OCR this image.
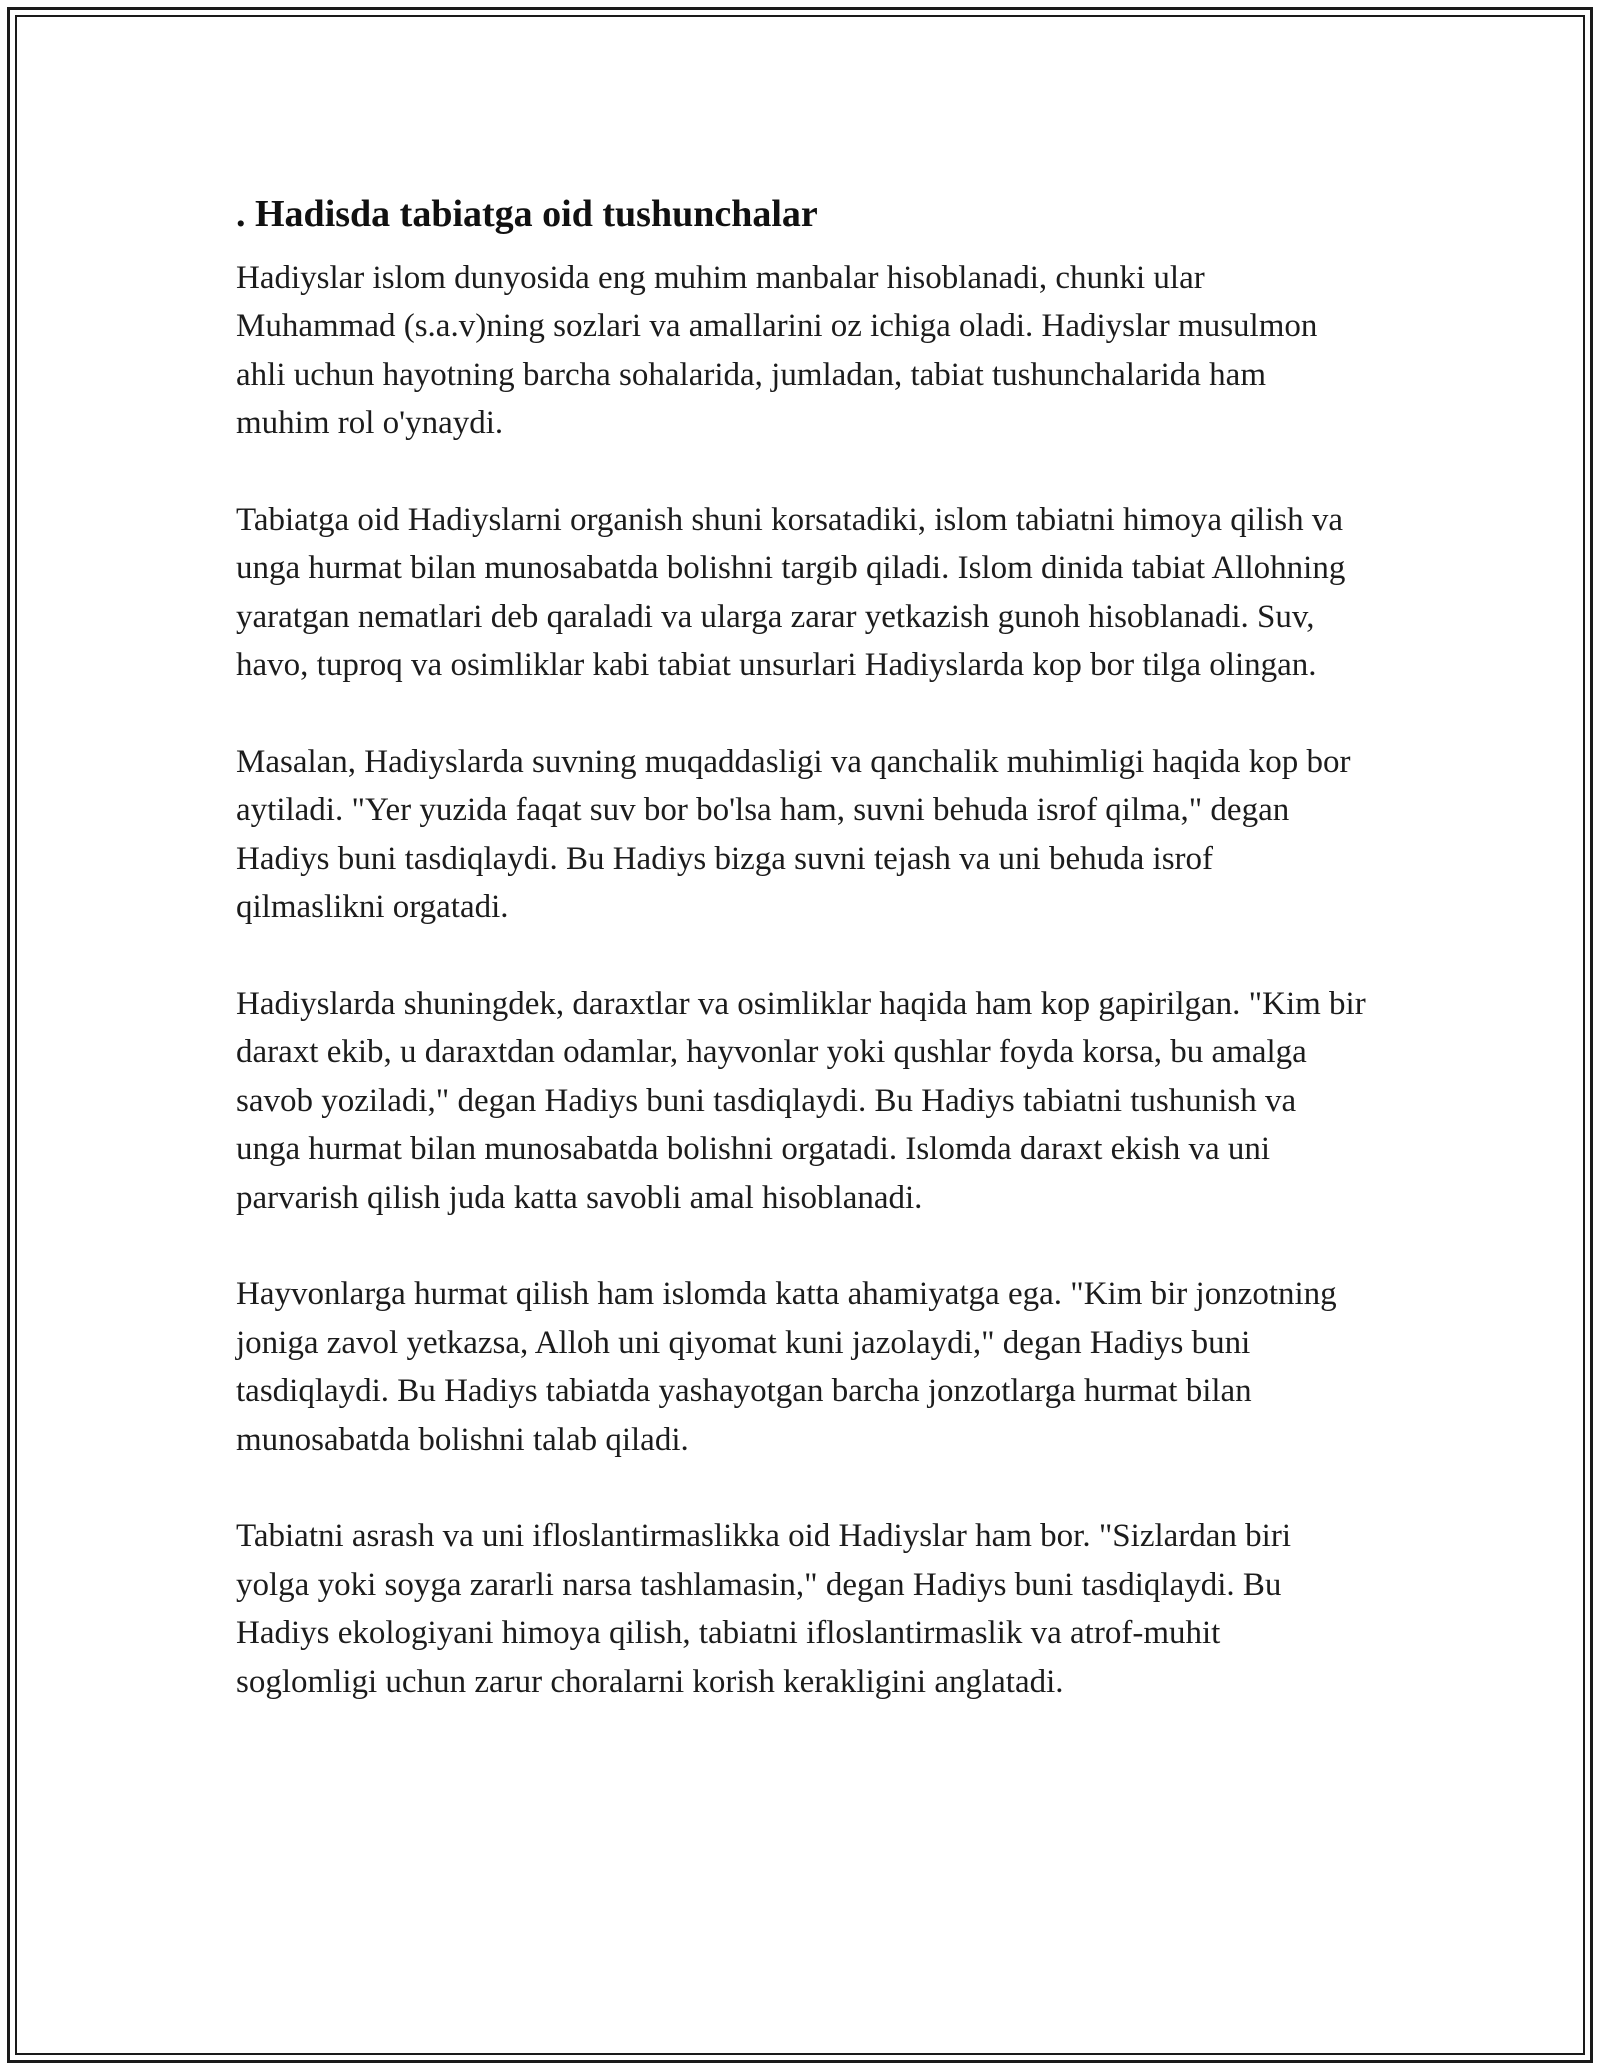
. Hadisda tabiatga oid tushunchalar

Hadiyslar islom dunyosida eng muhim manbalar hisoblanadi, chunki ular Muhammad (s.a.v)ning sozlari va amallarini oz ichiga oladi. Hadiyslar musulmon ahli uchun hayotning barcha sohalarida, jumladan, tabiat tushunchalarida ham muhim rol o'ynaydi.

Tabiatga oid Hadiyslarni organish shuni korsatadiki, islom tabiatni himoya qilish va unga hurmat bilan munosabatda bolishni targib qiladi. Islom dinida tabiat Allohning yaratgan nematlari deb qaraladi va ularga zarar yetkazish gunoh hisoblanadi. Suv, havo, tuproq va osimliklar kabi tabiat unsurlari Hadiyslarda kop bor tilga olingan.

Masalan, Hadiyslarda suvning muqaddasligi va qanchalik muhimligi haqida kop bor aytiladi. "Yer yuzida faqat suv bor bo'lsa ham, suvni behuda isrof qilma," degan Hadiys buni tasdiqlaydi. Bu Hadiys bizga suvni tejash va uni behuda isrof qilmaslikni orgatadi.

Hadiyslarda shuningdek, daraxtlar va osimliklar haqida ham kop gapirilgan. "Kim bir daraxt ekib, u daraxtdan odamlar, hayvonlar yoki qushlar foyda korsa, bu amalga savob yoziladi," degan Hadiys buni tasdiqlaydi. Bu Hadiys tabiatni tushunish va unga hurmat bilan munosabatda bolishni orgatadi. Islomda daraxt ekish va uni parvarish qilish juda katta savobli amal hisoblanadi.

Hayvonlarga hurmat qilish ham islomda katta ahamiyatga ega. "Kim bir jonzotning joniga zavol yetkazsa, Alloh uni qiyomat kuni jazolaydi," degan Hadiys buni tasdiqlaydi. Bu Hadiys tabiatda yashayotgan barcha jonzotlarga hurmat bilan munosabatda bolishni talab qiladi.

Tabiatni asrash va uni ifloslantirmaslikka oid Hadiyslar ham bor. "Sizlardan biri yolga yoki soyga zararli narsa tashlamasin," degan Hadiys buni tasdiqlaydi. Bu Hadiys ekologiyani himoya qilish, tabiatni ifloslantirmaslik va atrof-muhit soglomligi uchun zarur choralarni korish kerakligini anglatadi.
